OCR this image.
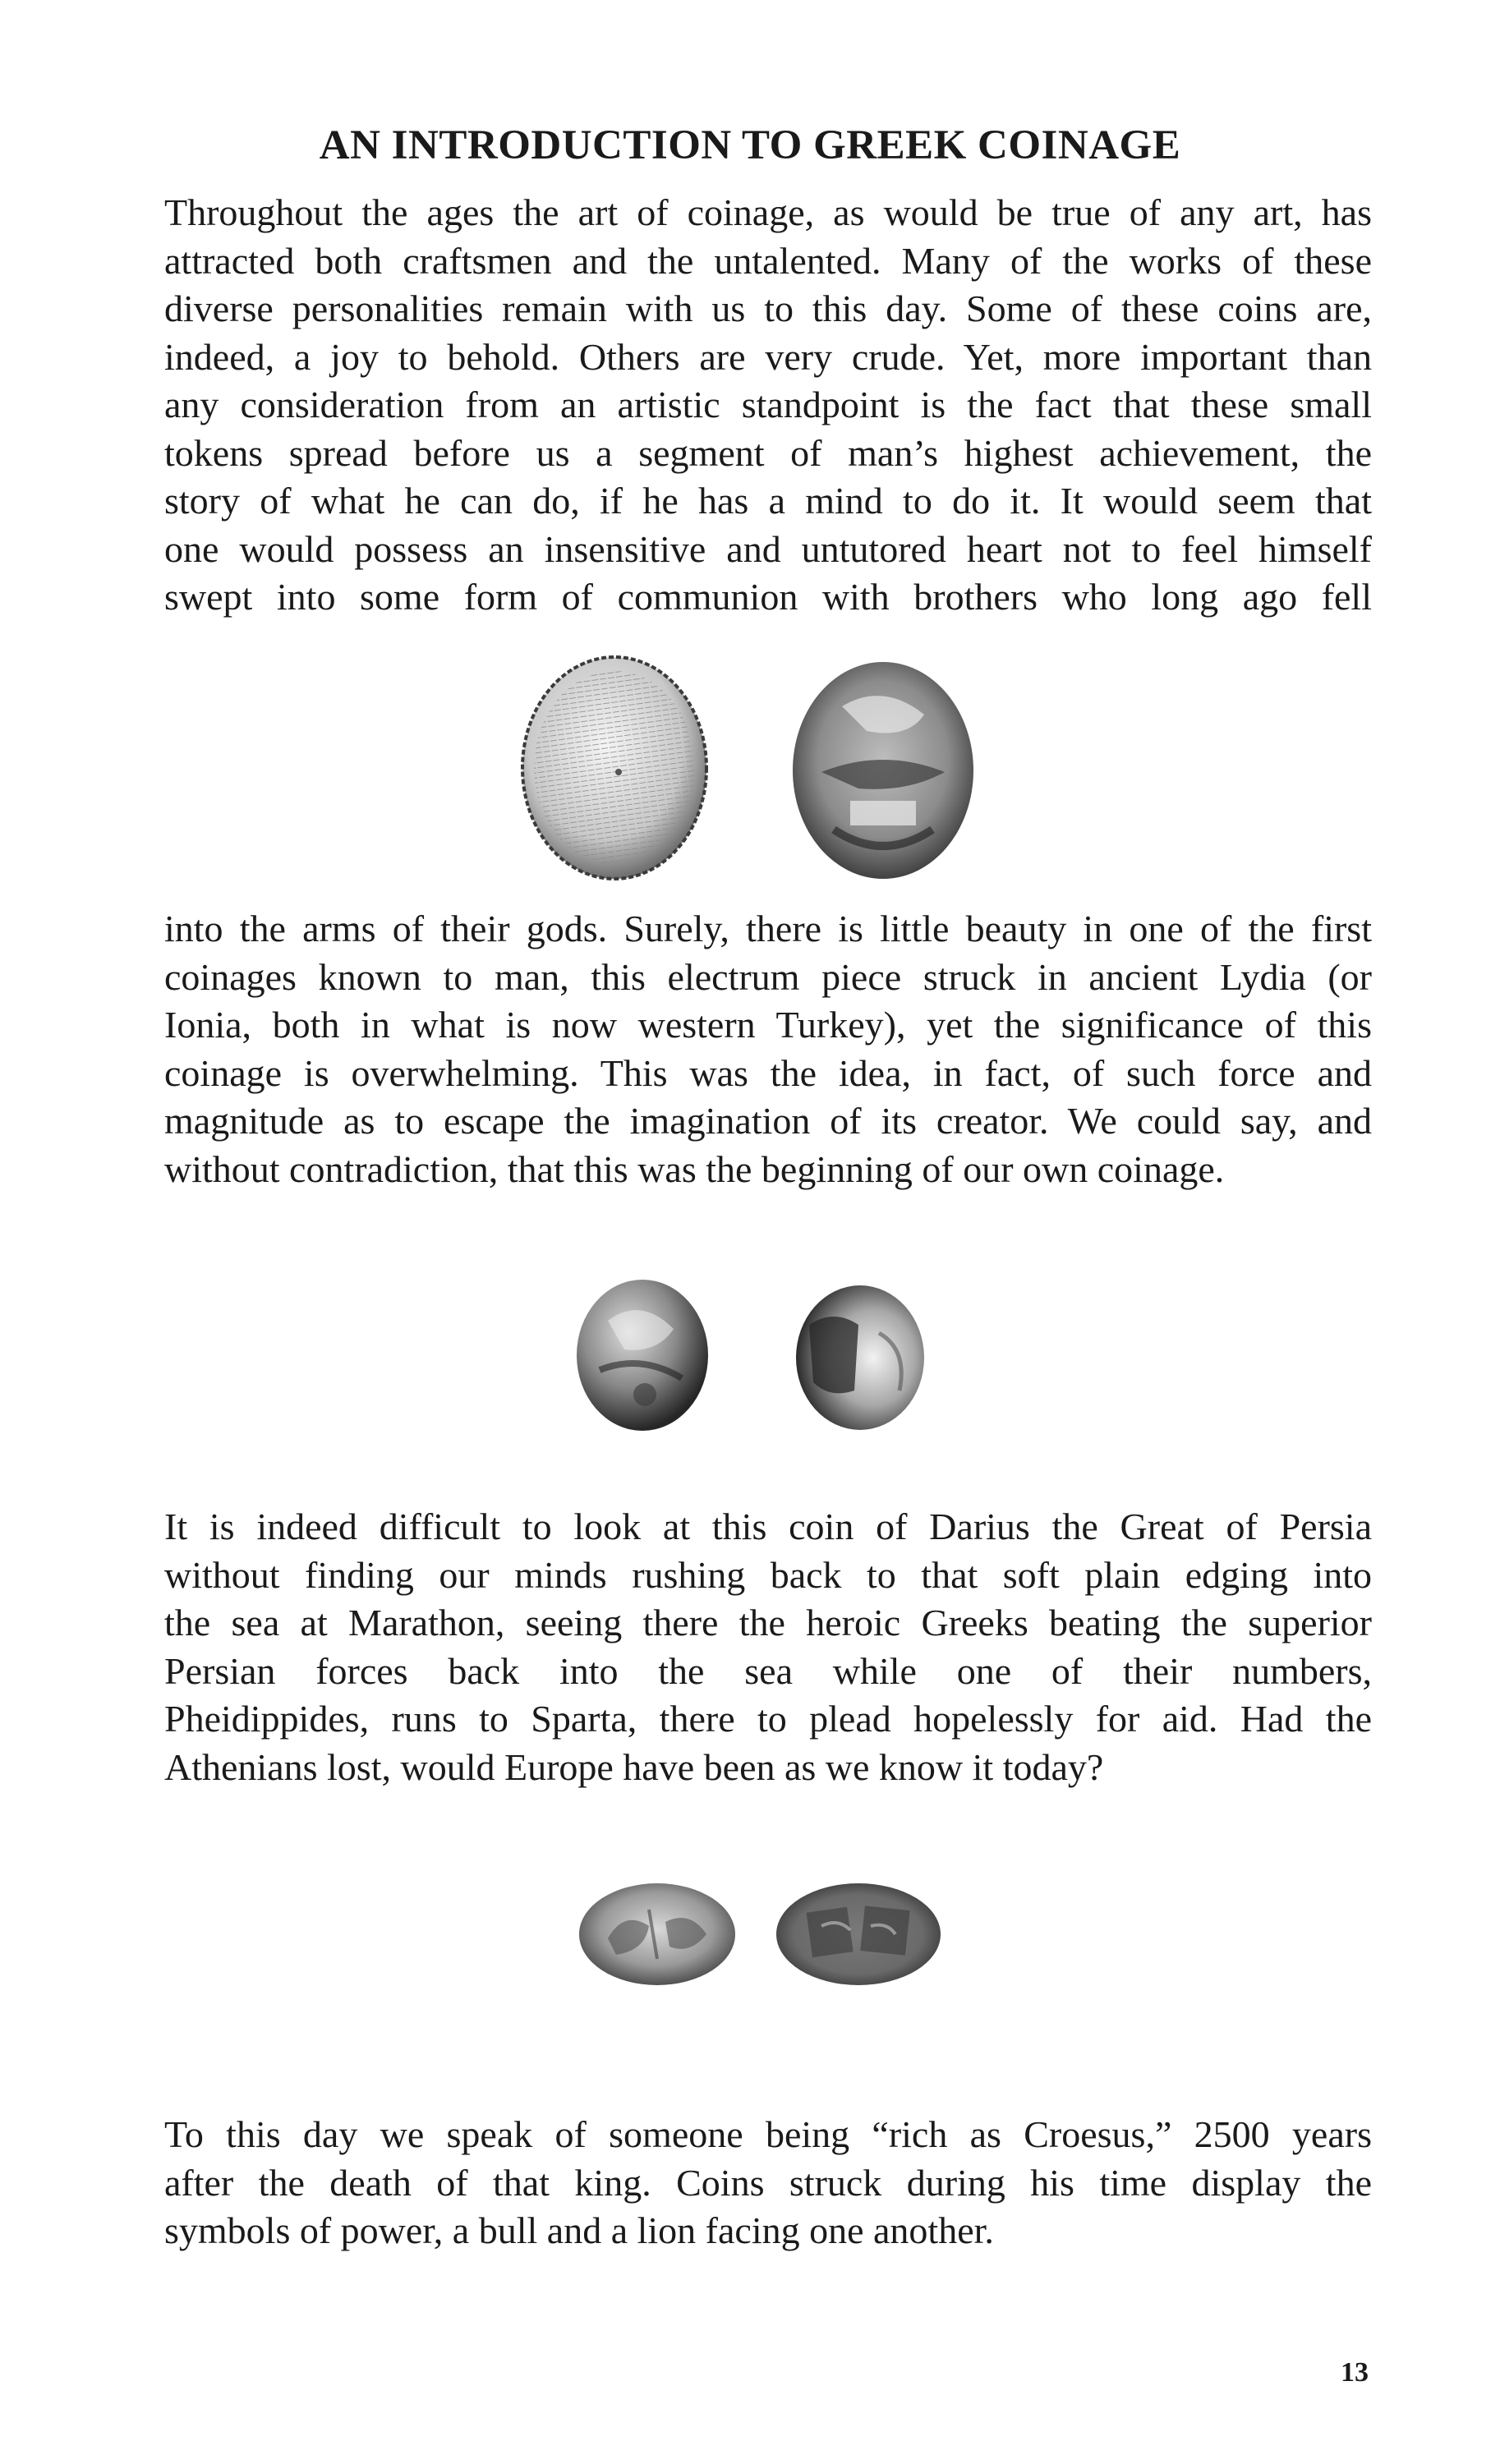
AN INTRODUCTION TO GREEK COINAGE
Throughout the ages the art of coinage, as would be true of any art, has
attracted both craftsmen and the untalented. Many of the works of these
diverse personalities remain with us to this day. Some of these coins are,
indeed, a joy to behold. Others are very crude. Yet, more important than
any consideration from an artistic standpoint is the fact that these small
tokens spread before us a segment of man’s highest achievement, the
story of what he can do, if he has a mind to do it. It would seem that
one would possess an insensitive and untutored heart not to feel himself
swept into some form of communion with brothers who long ago fell
into the arms of their gods. Surely, there is little beauty in one of the first
coinages known to man, this electrum piece struck in ancient Lydia (or
Ionia, both in what is now western Turkey), yet the significance of this
coinage is overwhelming. This was the idea, in fact, of such force and
magnitude as to escape the imagination of its creator. We could say, and
without contradiction, that this was the beginning of our own coinage.
It is indeed difficult to look at this coin of Darius the Great of Persia
without finding our minds rushing back to that soft plain edging into
the sea at Marathon, seeing there the heroic Greeks beating the superior
Persian forces back into the sea while one of their numbers,
Pheidippides, runs to Sparta, there to plead hopelessly for aid. Had the
Athenians lost, would Europe have been as we know it today?
To this day we speak of someone being “rich as Croesus,” 2500 years
after the death of that king. Coins struck during his time display the
symbols of power, a bull and a lion facing one another.

13
